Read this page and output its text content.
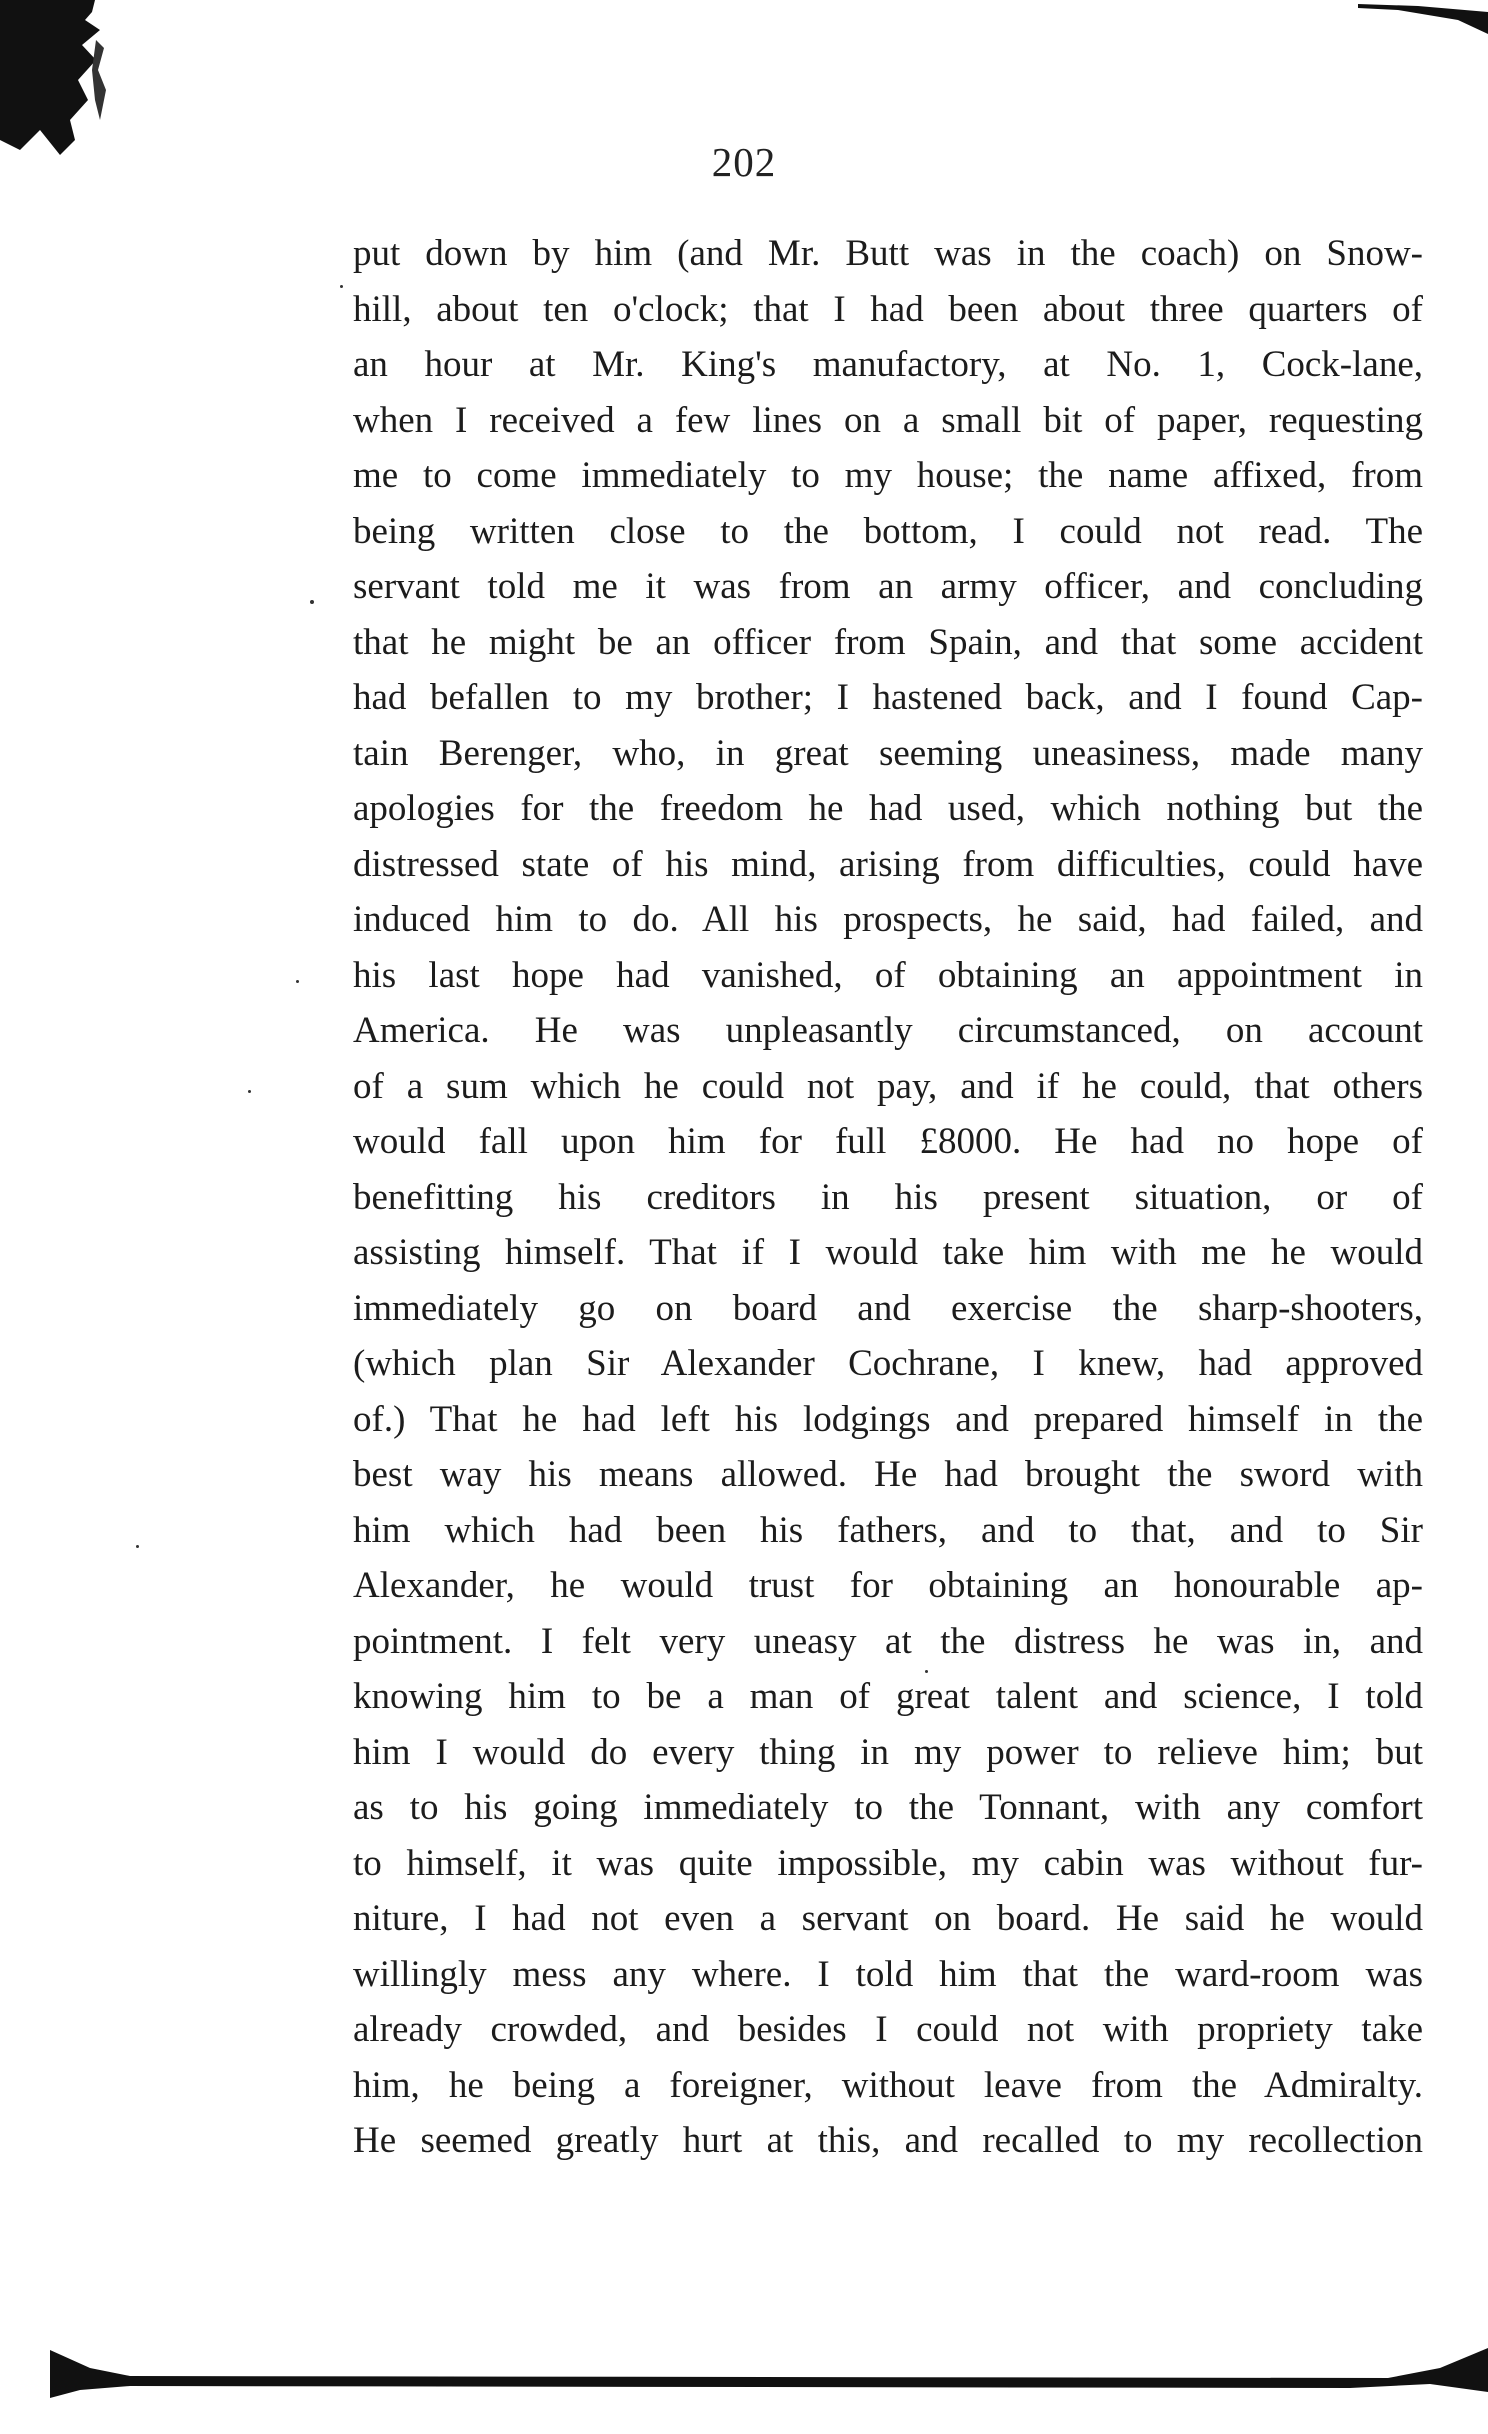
202
put down by him (and Mr. Butt was in the coach) on Snow-
hill, about ten o'clock; that I had been about three quarters of
an hour at Mr. King's manufactory, at No. 1, Cock-lane,
when I received a few lines on a small bit of paper, requesting
me to come immediately to my house; the name affixed, from
being written close to the bottom, I could not read. The
servant told me it was from an army officer, and concluding
that he might be an officer from Spain, and that some accident
had befallen to my brother; I hastened back, and I found Cap-
tain Berenger, who, in great seeming uneasiness, made many
apologies for the freedom he had used, which nothing but the
distressed state of his mind, arising from difficulties, could have
induced him to do. All his prospects, he said, had failed, and
his last hope had vanished, of obtaining an appointment in
America. He was unpleasantly circumstanced, on account
of a sum which he could not pay, and if he could, that others
would fall upon him for full £8000. He had no hope of
benefitting his creditors in his present situation, or of
assisting himself. That if I would take him with me he would
immediately go on board and exercise the sharp-shooters,
(which plan Sir Alexander Cochrane, I knew, had approved
of.) That he had left his lodgings and prepared himself in the
best way his means allowed. He had brought the sword with
him which had been his fathers, and to that, and to Sir
Alexander, he would trust for obtaining an honourable ap-
pointment. I felt very uneasy at the distress he was in, and
knowing him to be a man of great talent and science, I told
him I would do every thing in my power to relieve him; but
as to his going immediately to the Tonnant, with any comfort
to himself, it was quite impossible, my cabin was without fur-
niture, I had not even a servant on board. He said he would
willingly mess any where. I told him that the ward-room was
already crowded, and besides I could not with propriety take
him, he being a foreigner, without leave from the Admiralty.
He seemed greatly hurt at this, and recalled to my recollection
